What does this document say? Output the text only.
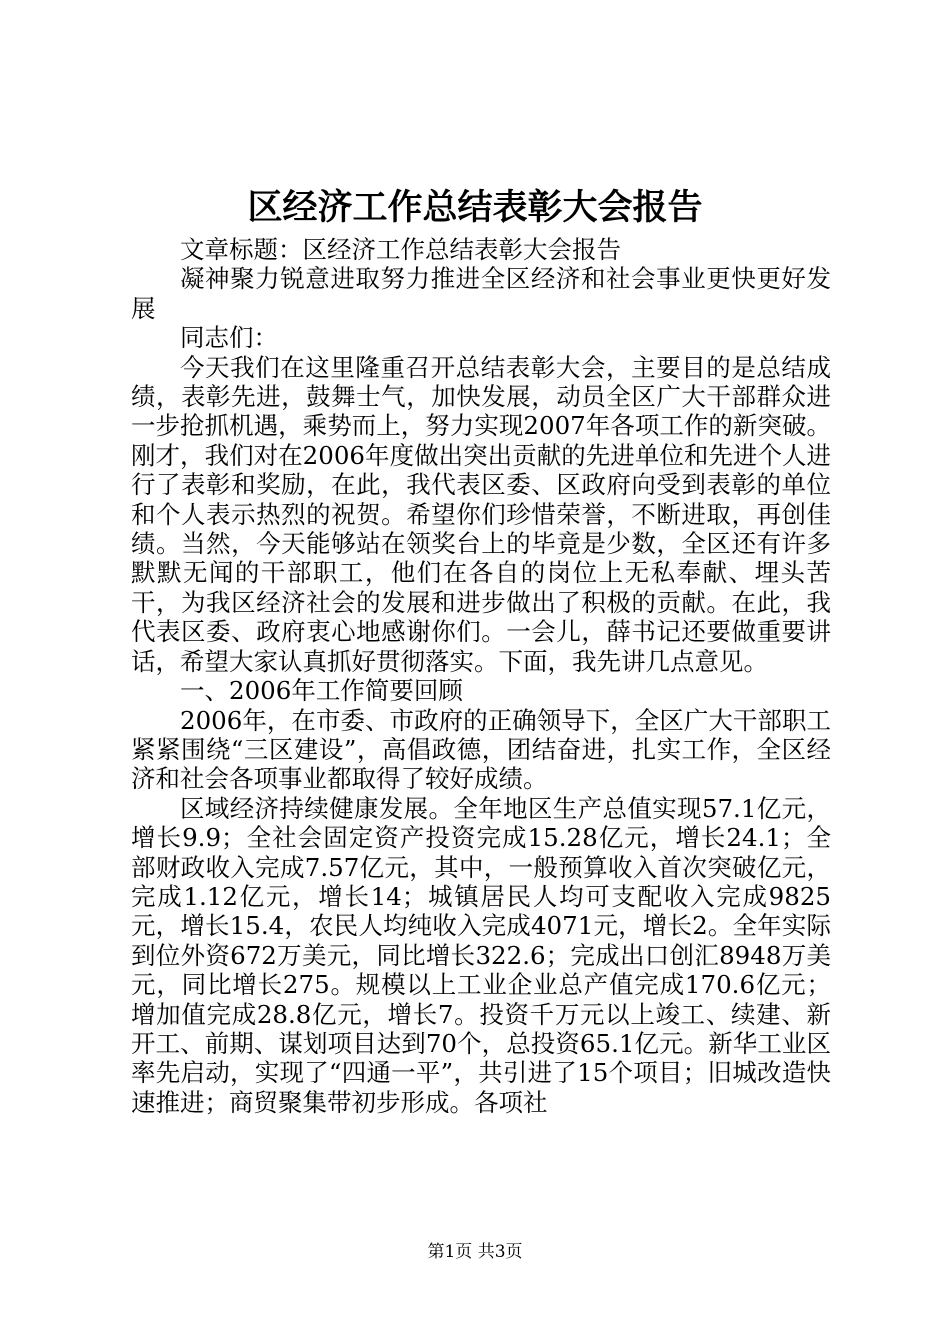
区经济工作总结表彰大会报告

文章标题：区经济工作总结表彰大会报告

凝神聚力锐意进取努力推进全区经济和社会事业更快更好发展

同志们：

今天我们在这里隆重召开总结表彰大会，主要目的是总结成绩，表彰先进，鼓舞士气，加快发展，动员全区广大干部群众进一步抢抓机遇，乘势而上，努力实现2007年各项工作的新突破。刚才，我们对在2006年度做出突出贡献的先进单位和先进个人进行了表彰和奖励，在此，我代表区委、区政府向受到表彰的单位和个人表示热烈的祝贺。希望你们珍惜荣誉，不断进取，再创佳绩。当然，今天能够站在领奖台上的毕竟是少数，全区还有许多默默无闻的干部职工，他们在各自的岗位上无私奉献、埋头苦干，为我区经济社会的发展和进步做出了积极的贡献。在此，我代表区委、政府衷心地感谢你们。一会儿，薛书记还要做重要讲话，希望大家认真抓好贯彻落实。下面，我先讲几点意见。

一、2006年工作简要回顾

2006年，在市委、市政府的正确领导下，全区广大干部职工紧紧围绕“三区建设”，高倡政德，团结奋进，扎实工作，全区经济和社会各项事业都取得了较好成绩。

区域经济持续健康发展。全年地区生产总值实现57.1亿元，增长9.9；全社会固定资产投资完成15.28亿元，增长24.1；全部财政收入完成7.57亿元，其中，一般预算收入首次突破亿元，完成1.12亿元，增长14；城镇居民人均可支配收入完成9825元，增长15.4，农民人均纯收入完成4071元，增长2。全年实际到位外资672万美元，同比增长322.6；完成出口创汇8948万美元，同比增长275。规模以上工业企业总产值完成170.6亿元；增加值完成28.8亿元，增长7。投资千万元以上竣工、续建、新开工、前期、谋划项目达到70个，总投资65.1亿元。新华工业区率先启动，实现了“四通一平”，共引进了15个项目；旧城改造快速推进；商贸聚集带初步形成。各项社

第1页 共3页
